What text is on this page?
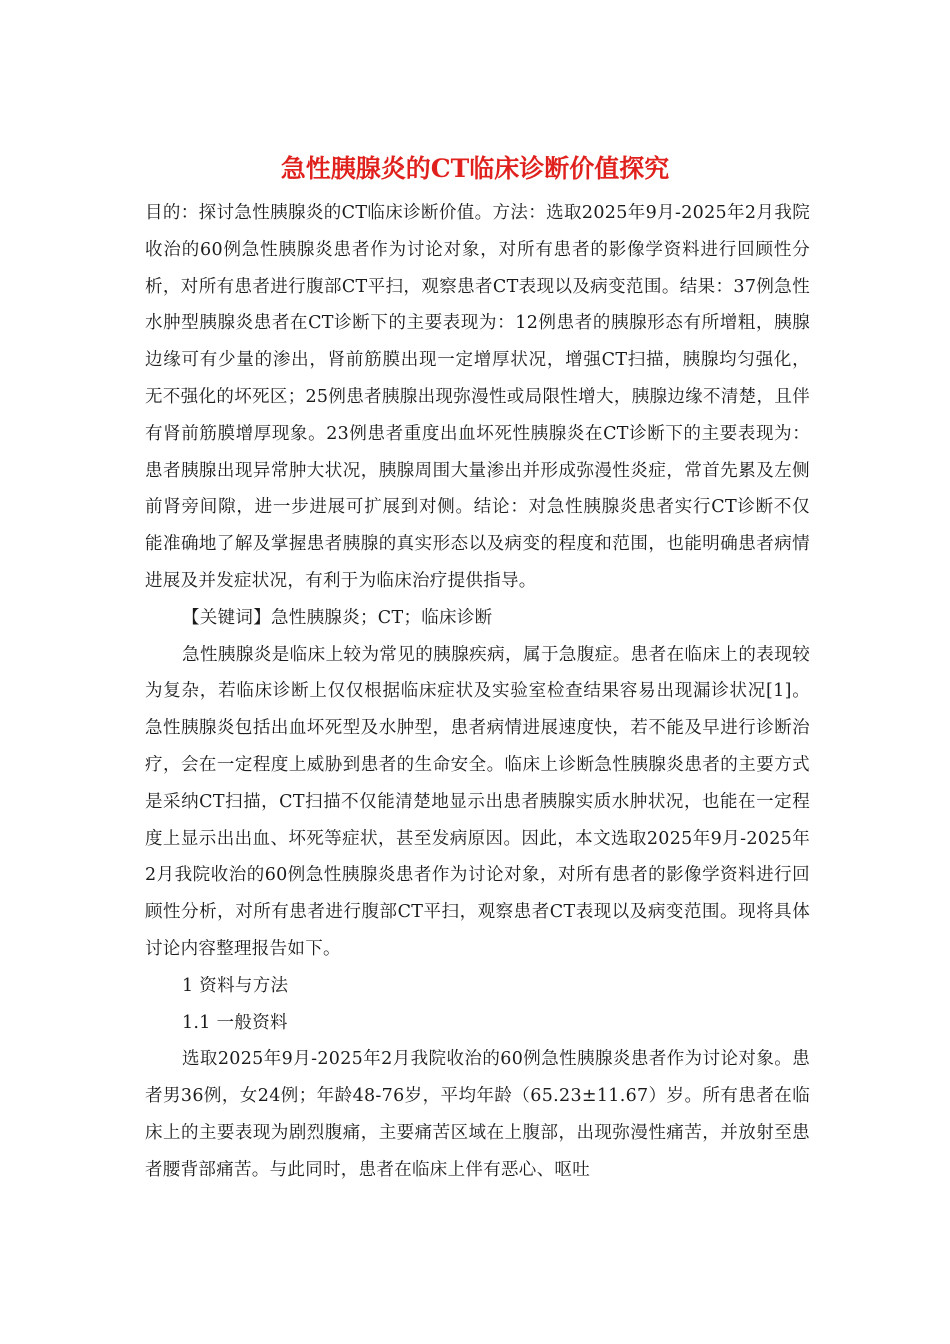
急性胰腺炎的CT临床诊断价值探究

目的：探讨急性胰腺炎的CT临床诊断价值。方法：选取2025年9月-2025年2月我院收治的60例急性胰腺炎患者作为讨论对象，对所有患者的影像学资料进行回顾性分析，对所有患者进行腹部CT平扫，观察患者CT表现以及病变范围。结果：37例急性水肿型胰腺炎患者在CT诊断下的主要表现为：12例患者的胰腺形态有所增粗，胰腺边缘可有少量的渗出，肾前筋膜出现一定增厚状况，增强CT扫描，胰腺均匀强化，无不强化的坏死区；25例患者胰腺出现弥漫性或局限性增大，胰腺边缘不清楚，且伴有肾前筋膜增厚现象。23例患者重度出血坏死性胰腺炎在CT诊断下的主要表现为：患者胰腺出现异常肿大状况，胰腺周围大量渗出并形成弥漫性炎症，常首先累及左侧前肾旁间隙，进一步进展可扩展到对侧。结论：对急性胰腺炎患者实行CT诊断不仅能准确地了解及掌握患者胰腺的真实形态以及病变的程度和范围，也能明确患者病情进展及并发症状况，有利于为临床治疗提供指导。

【关键词】急性胰腺炎；CT；临床诊断

急性胰腺炎是临床上较为常见的胰腺疾病，属于急腹症。患者在临床上的表现较为复杂，若临床诊断上仅仅根据临床症状及实验室检查结果容易出现漏诊状况[1]。急性胰腺炎包括出血坏死型及水肿型，患者病情进展速度快，若不能及早进行诊断治疗，会在一定程度上威胁到患者的生命安全。临床上诊断急性胰腺炎患者的主要方式是采纳CT扫描，CT扫描不仅能清楚地显示出患者胰腺实质水肿状况，也能在一定程度上显示出出血、坏死等症状，甚至发病原因。因此，本文选取2025年9月-2025年2月我院收治的60例急性胰腺炎患者作为讨论对象，对所有患者的影像学资料进行回顾性分析，对所有患者进行腹部CT平扫，观察患者CT表现以及病变范围。现将具体讨论内容整理报告如下。

1 资料与方法

1.1 一般资料

选取2025年9月-2025年2月我院收治的60例急性胰腺炎患者作为讨论对象。患者男36例，女24例；年龄48-76岁，平均年龄（65.23±11.67）岁。所有患者在临床上的主要表现为剧烈腹痛，主要痛苦区域在上腹部，出现弥漫性痛苦，并放射至患者腰背部痛苦。与此同时，患者在临床上伴有恶心、呕吐
